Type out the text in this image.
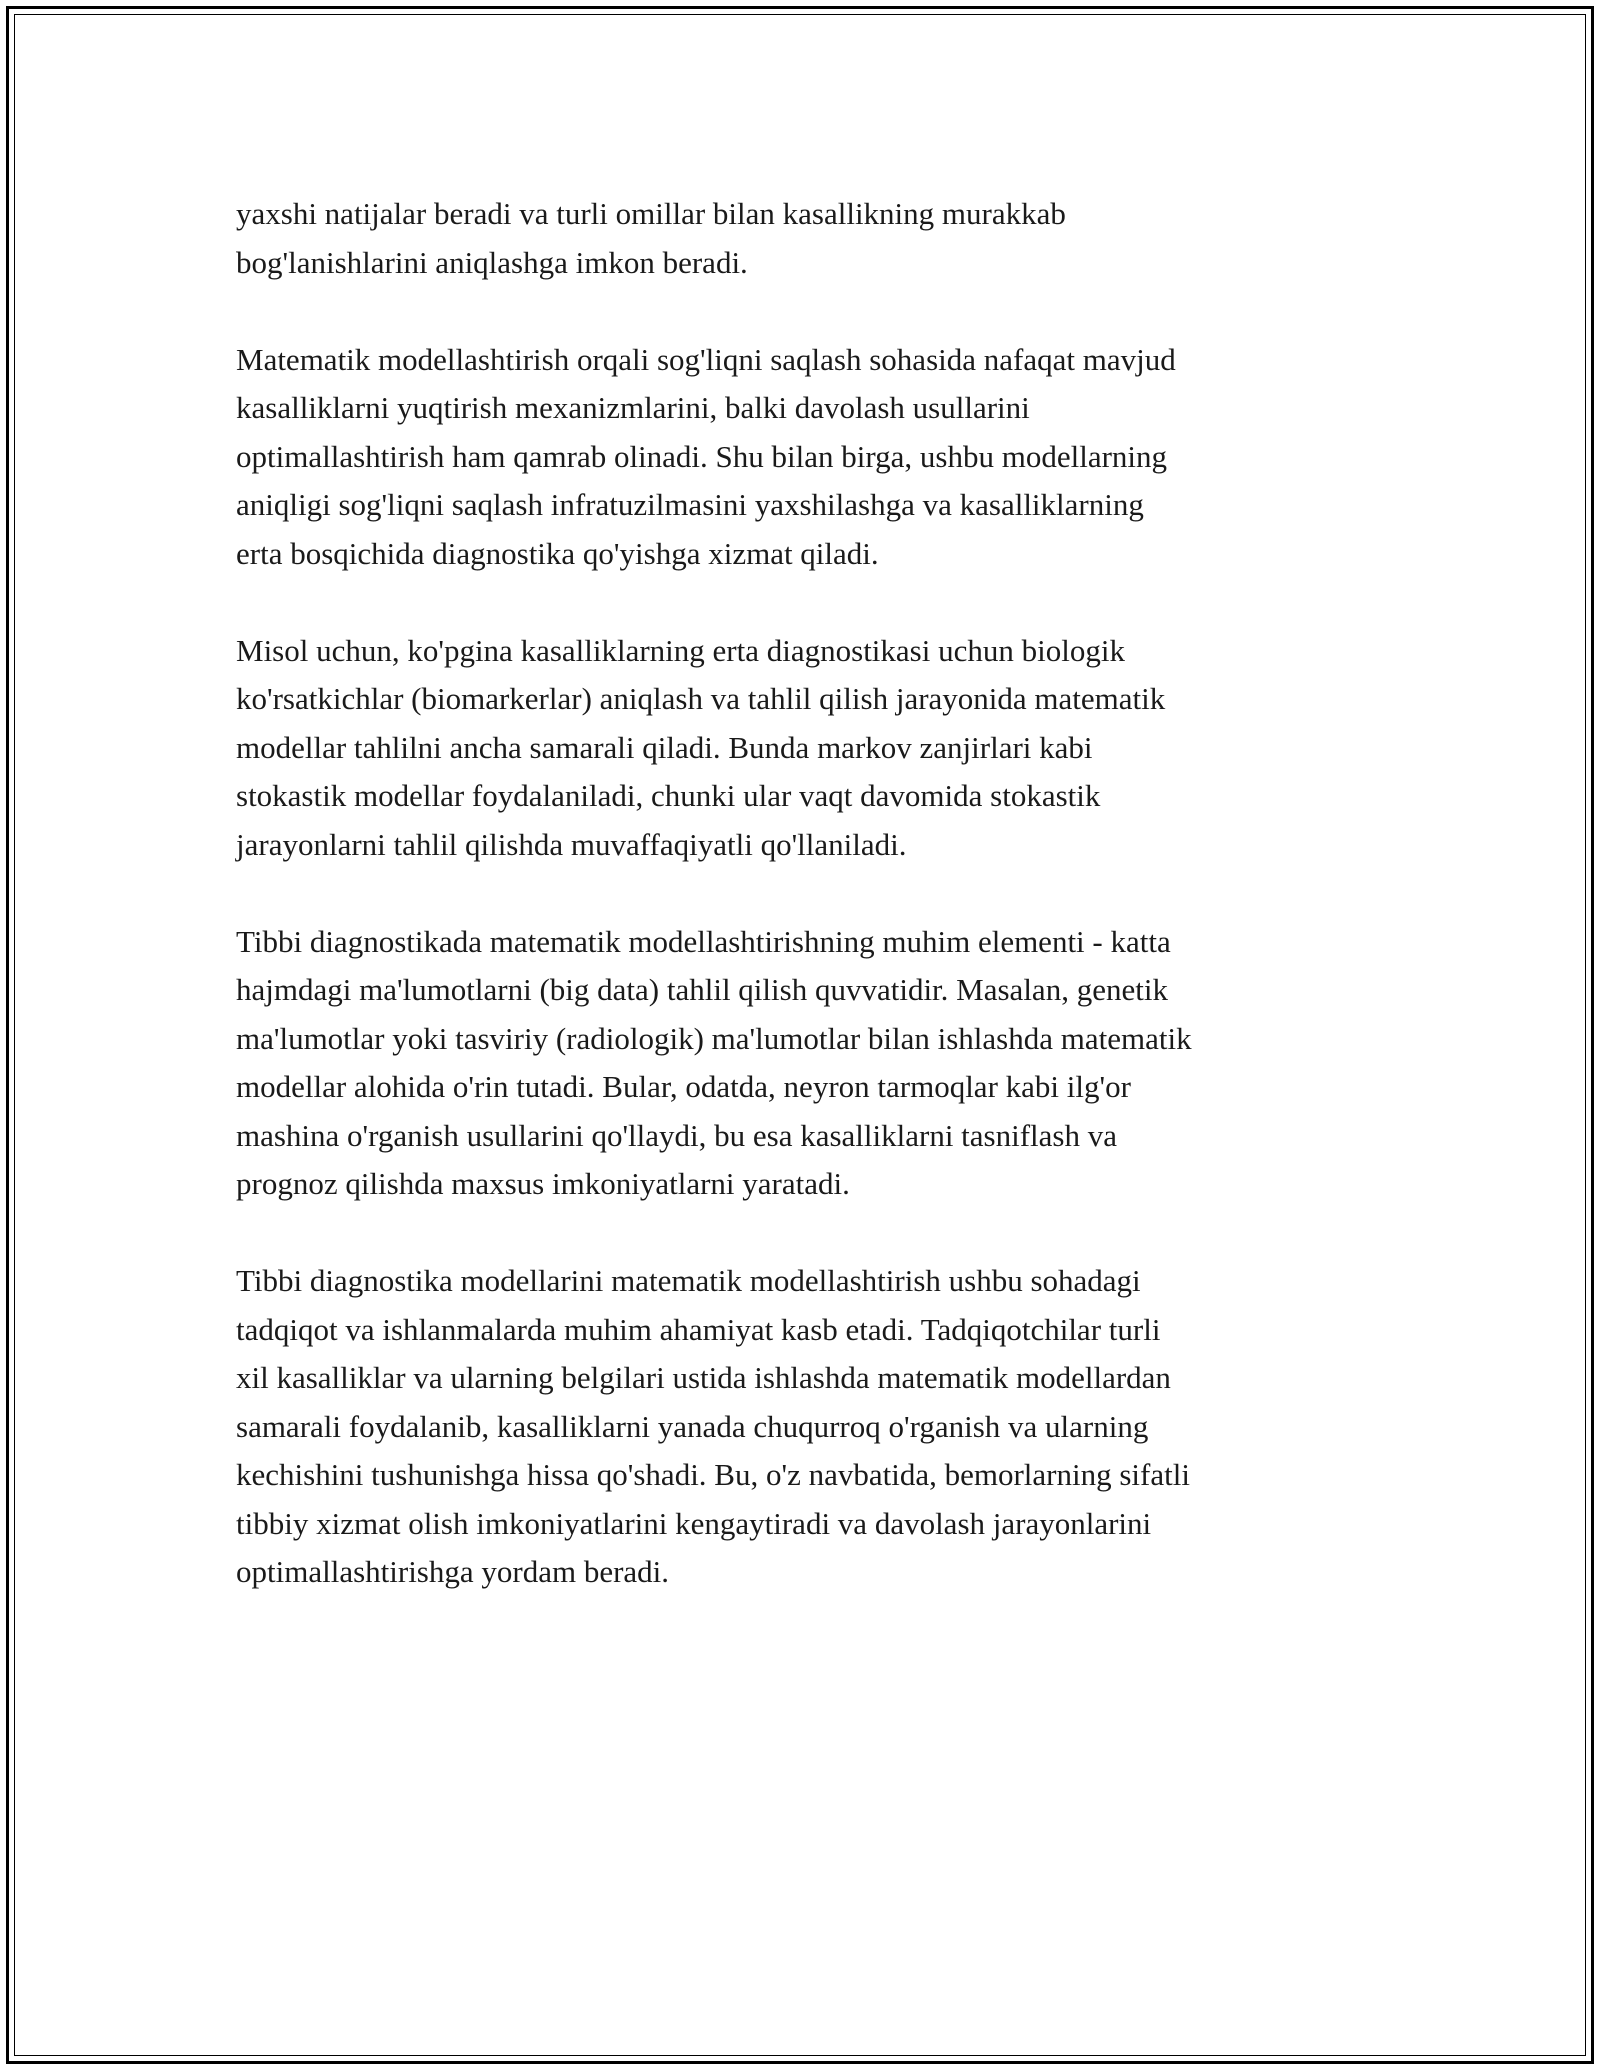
yaxshi natijalar beradi va turli omillar bilan kasallikning murakkab
bog'lanishlarini aniqlashga imkon beradi.

Matematik modellashtirish orqali sog'liqni saqlash sohasida nafaqat mavjud
kasalliklarni yuqtirish mexanizmlarini, balki davolash usullarini
optimallashtirish ham qamrab olinadi. Shu bilan birga, ushbu modellarning
aniqligi sog'liqni saqlash infratuzilmasini yaxshilashga va kasalliklarning
erta bosqichida diagnostika qo'yishga xizmat qiladi.

Misol uchun, ko'pgina kasalliklarning erta diagnostikasi uchun biologik
ko'rsatkichlar (biomarkerlar) aniqlash va tahlil qilish jarayonida matematik
modellar tahlilni ancha samarali qiladi. Bunda markov zanjirlari kabi
stokastik modellar foydalaniladi, chunki ular vaqt davomida stokastik
jarayonlarni tahlil qilishda muvaffaqiyatli qo'llaniladi.

Tibbi diagnostikada matematik modellashtirishning muhim elementi - katta
hajmdagi ma'lumotlarni (big data) tahlil qilish quvvatidir. Masalan, genetik
ma'lumotlar yoki tasviriy (radiologik) ma'lumotlar bilan ishlashda matematik
modellar alohida o'rin tutadi. Bular, odatda, neyron tarmoqlar kabi ilg'or
mashina o'rganish usullarini qo'llaydi, bu esa kasalliklarni tasniflash va
prognoz qilishda maxsus imkoniyatlarni yaratadi.

Tibbi diagnostika modellarini matematik modellashtirish ushbu sohadagi
tadqiqot va ishlanmalarda muhim ahamiyat kasb etadi. Tadqiqotchilar turli
xil kasalliklar va ularning belgilari ustida ishlashda matematik modellardan
samarali foydalanib, kasalliklarni yanada chuqurroq o'rganish va ularning
kechishini tushunishga hissa qo'shadi. Bu, o'z navbatida, bemorlarning sifatli
tibbiy xizmat olish imkoniyatlarini kengaytiradi va davolash jarayonlarini
optimallashtirishga yordam beradi.
